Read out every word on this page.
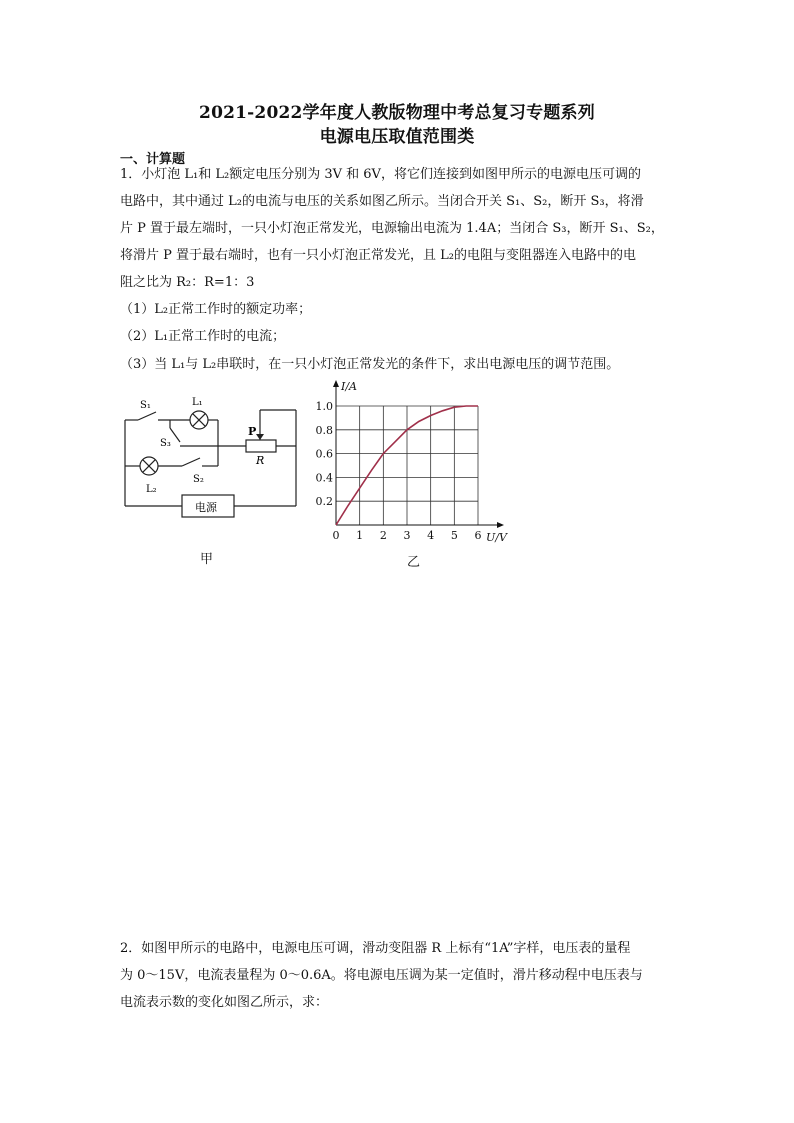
2021-2022学年度人教版物理中考总复习专题系列
电源电压取值范围类
一、计算题
1．小灯泡 L₁和 L₂额定电压分别为 3V 和 6V，将它们连接到如图甲所示的电源电压可调的
电路中，其中通过 L₂的电流与电压的关系如图乙所示。当闭合开关 S₁、S₂，断开 S₃，将滑
片 P 置于最左端时，一只小灯泡正常发光，电源输出电流为 1.4A；当闭合 S₃，断开 S₁、S₂，
将滑片 P 置于最右端时，也有一只小灯泡正常发光，且 L₂的电阻与变阻器连入电路中的电
阻之比为 R₂：R=1：3
（1）L₂正常工作时的额定功率；
（2）L₁正常工作时的电流；
（3）当 L₁与 L₂串联时，在一只小灯泡正常发光的条件下，求出电源电压的调节范围。
S₁	L₁
S₃
L₂
S₂
P
R
电源
甲
0 1 2 3 4 5 6
0.2
0.4
0.6
0.8
1.0
I/A
U/V
乙
2．如图甲所示的电路中，电源电压可调，滑动变阻器 R 上标有“1A”字样，电压表的量程
为 0～15V，电流表量程为 0～0.6A。将电源电压调为某一定值时，滑片移动程中电压表与
电流表示数的变化如图乙所示，求：
